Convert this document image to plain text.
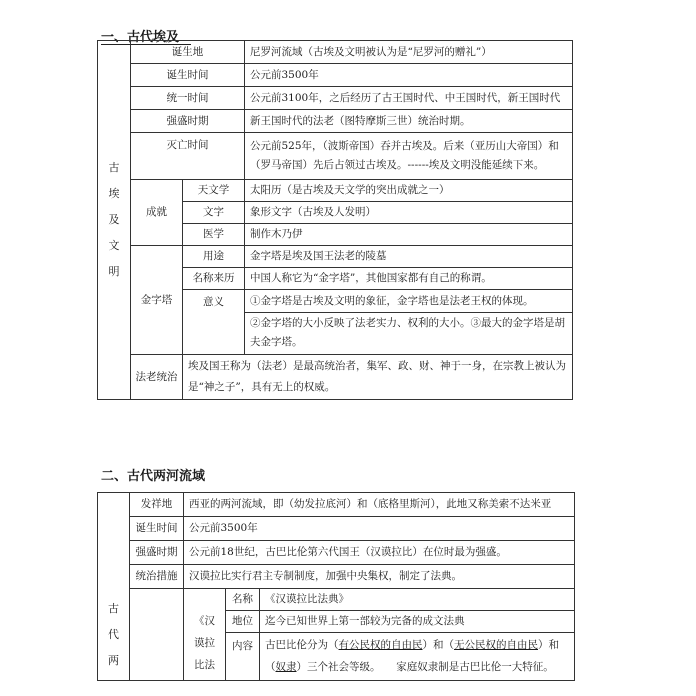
一、古代埃及
古埃及文明	诞生地		尼罗河流域（古埃及文明被认为是“尼罗河的赠礼”）
	诞生时间		公元前3500年
	统一时间		公元前3100年，之后经历了古王国时代、中王国时代，新王国时代
	强盛时期		新王国时代的法老（图特摩斯三世）统治时期。
	灭亡时间		公元前525年，（波斯帝国）吞并古埃及。后来（亚历山大帝国）和（罗马帝国）先后占领过古埃及。------埃及文明没能延续下来。
	成就	天文学	太阳历（是古埃及天文学的突出成就之一）
		文字	象形文字（古埃及人发明）
		医学	制作木乃伊
	金字塔	用途	金字塔是埃及国王法老的陵墓
		名称来历	中国人称它为“金字塔”，其他国家都有自己的称谓。
		意义	①金字塔是古埃及文明的象征，金字塔也是法老王权的体现。
			②金字塔的大小反映了法老实力、权利的大小。③最大的金字塔是胡夫金字塔。
	法老统治	埃及国王称为（法老）是最高统治者，集军、政、财、神于一身，在宗教上被认为是“神之子”，具有无上的权威。	
二、古代两河流域
古代两	发祥地	西亚的两河流域，即（幼发拉底河）和（底格里斯河），此地又称美索不达米亚		
	诞生时间	公元前3500年		
	强盛时期	公元前18世纪，古巴比伦第六代国王（汉谟拉比）在位时最为强盛。		
	统治措施	汉谟拉比实行君主专制制度，加强中央集权，制定了法典。		

		《汉谟拉比法	名称	《汉谟拉比法典》
			地位	迄今已知世界上第一部较为完备的成文法典
			内容	古巴比伦分为（有公民权的自由民）和（无公民权的自由民）和（奴隶）三个社会等级。　　家庭奴隶制是古巴比伦一大特征。
